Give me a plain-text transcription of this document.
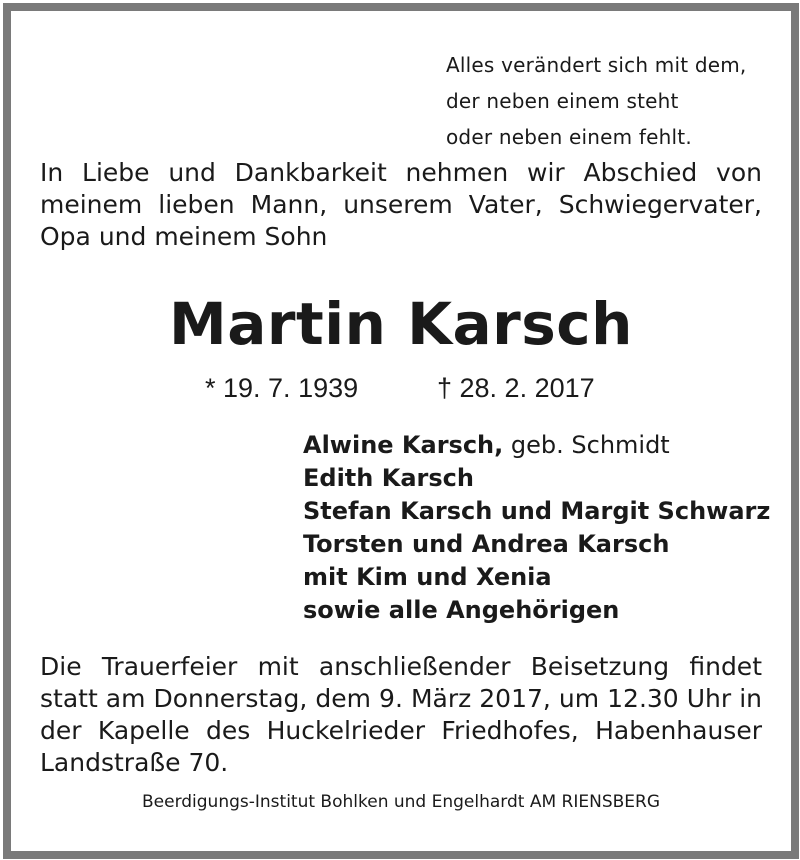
Alles verändert sich mit dem,
der neben einem steht
oder neben einem fehlt.
In Liebe und Dankbarkeit nehmen wir Abschied von meinem lieben Mann, unserem Vater, Schwiegervater, Opa und meinem Sohn
Martin Karsch
* 19. 7. 1939	† 28. 2. 2017
Alwine Karsch, geb. Schmidt
Edith Karsch
Stefan Karsch und Margit Schwarz
Torsten und Andrea Karsch
mit Kim und Xenia
sowie alle Angehörigen
Die Trauerfeier mit anschließender Beisetzung findet statt am Donnerstag, dem 9. März 2017, um 12.30 Uhr in der Kapelle des Huckelrieder Friedhofes, Habenhauser Landstraße 70.
Beerdigungs-Institut Bohlken und Engelhardt AM RIENSBERG
